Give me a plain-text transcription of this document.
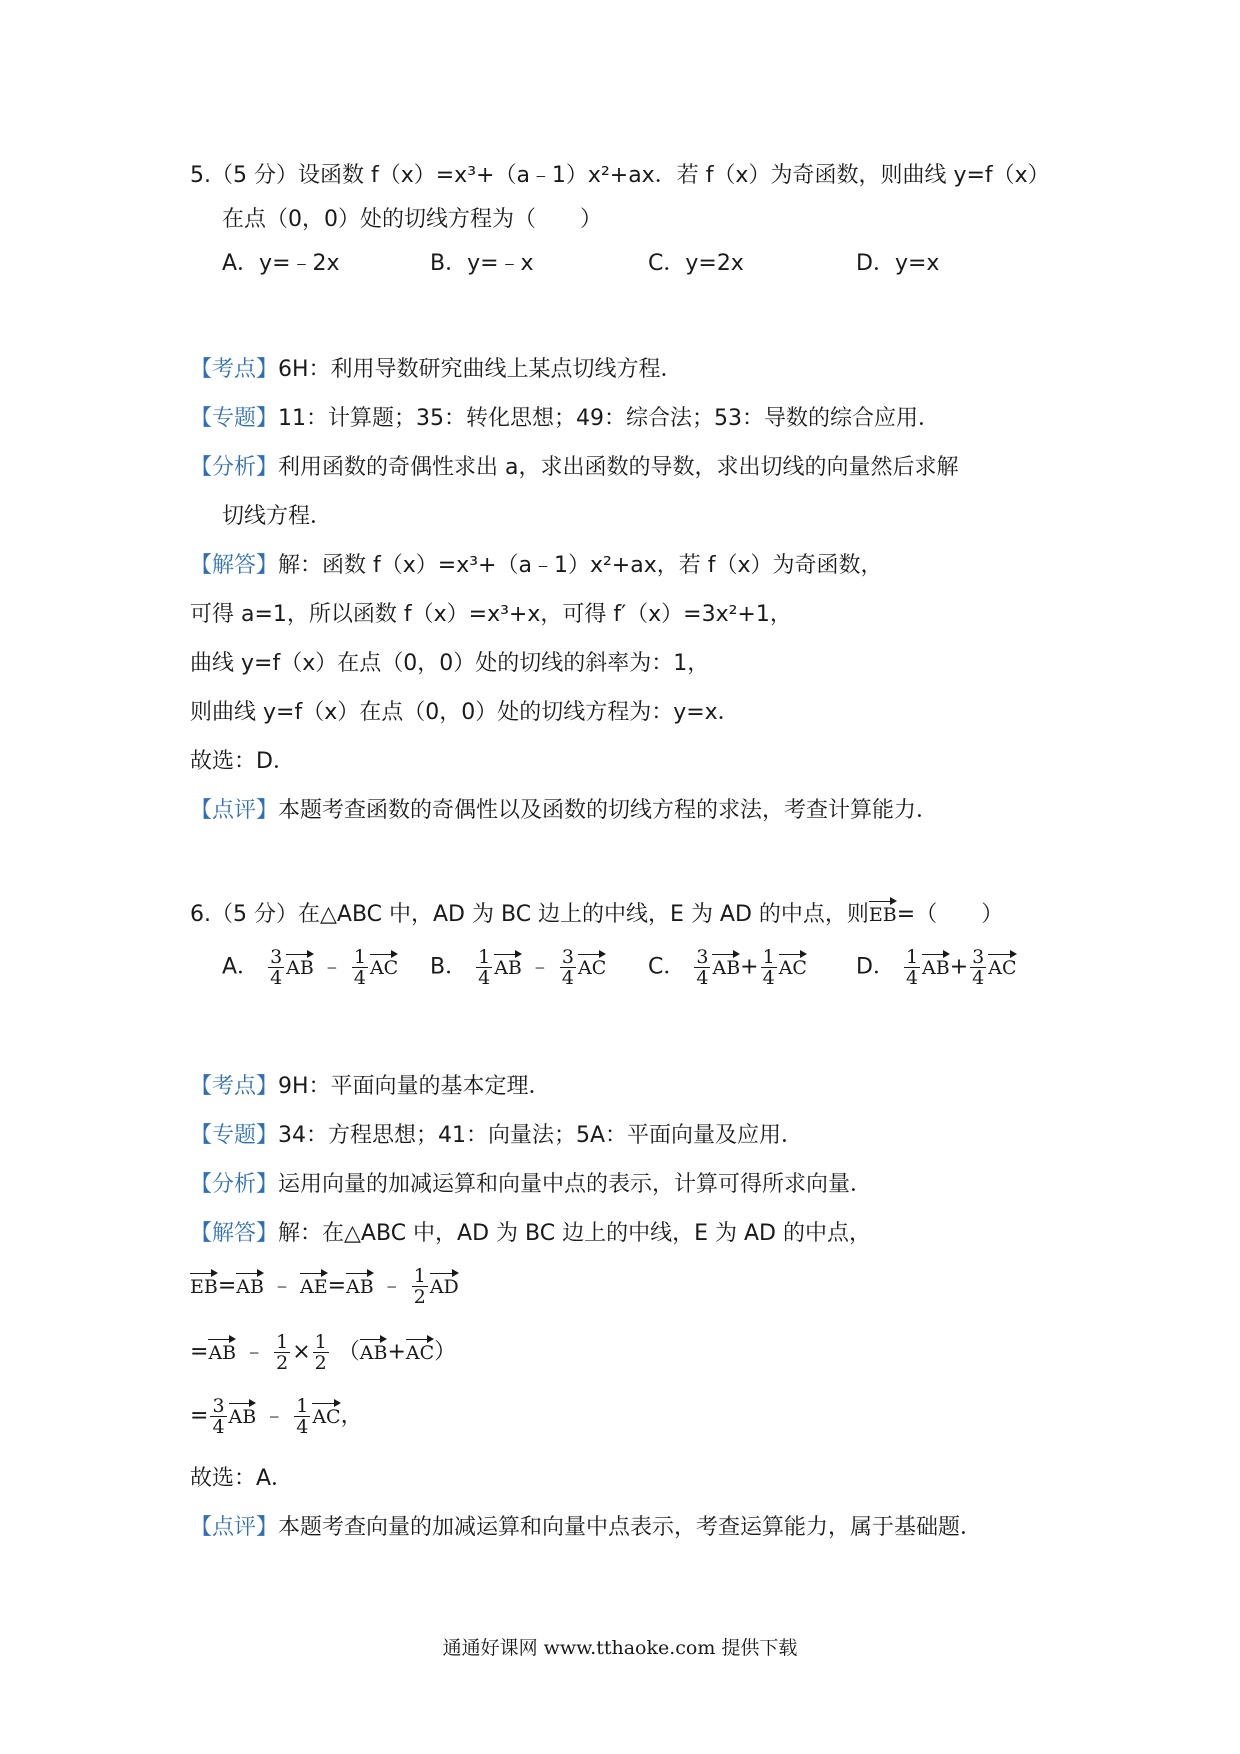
5.（5 分）设函数 f（x）=x³+（a﹣1）x²+ax．若 f（x）为奇函数，则曲线 y=f（x）
在点（0，0）处的切线方程为（　　）
A．y=﹣2x	B．y=﹣x	C．y=2x	D．y=x
【考点】6H：利用导数研究曲线上某点切线方程．
【专题】11：计算题；35：转化思想；49：综合法；53：导数的综合应用．
【分析】利用函数的奇偶性求出 a，求出函数的导数，求出切线的向量然后求解
切线方程．
【解答】解：函数 f（x）=x³+（a﹣1）x²+ax，若 f（x）为奇函数，
可得 a=1，所以函数 f（x）=x³+x，可得 f′（x）=3x²+1，
曲线 y=f（x）在点（0，0）处的切线的斜率为：1，
则曲线 y=f（x）在点（0，0）处的切线方程为：y=x．
故选：D．
【点评】本题考查函数的奇偶性以及函数的切线方程的求法，考查计算能力．
6.（5 分）在△ABC 中，AD 为 BC 边上的中线，E 为 AD 的中点，则EB=（　　）
A． $\frac{3}{4}$ AB ﹣ $\frac{1}{4}$ AC B． $\frac{1}{4}$ AB ﹣ $\frac{3}{4}$ AC C． $\frac{3}{4} AB+ \frac{1}{4}$ AC D． $\frac{1}{4} AB+ \frac{3}{4}$ AC
【考点】9H：平面向量的基本定理．
【专题】34：方程思想；41：向量法；5A：平面向量及应用．
【分析】运用向量的加减运算和向量中点的表示，计算可得所求向量．
【解答】解：在△ABC 中，AD 为 BC 边上的中线，E 为 AD 的中点，
EB=AB ﹣ AE=AB ﹣ $\frac{1}{2}$ AD
=AB ﹣ $\frac{1}{2} \times \frac{1}{2} (AB+AC)$
= $\frac{3}{4}$ AB ﹣ $\frac{1}{4}$ AC，
故选：A．
【点评】本题考查向量的加减运算和向量中点表示，考查运算能力，属于基础题．
通通好课网 www.tthaoke.com 提供下载
